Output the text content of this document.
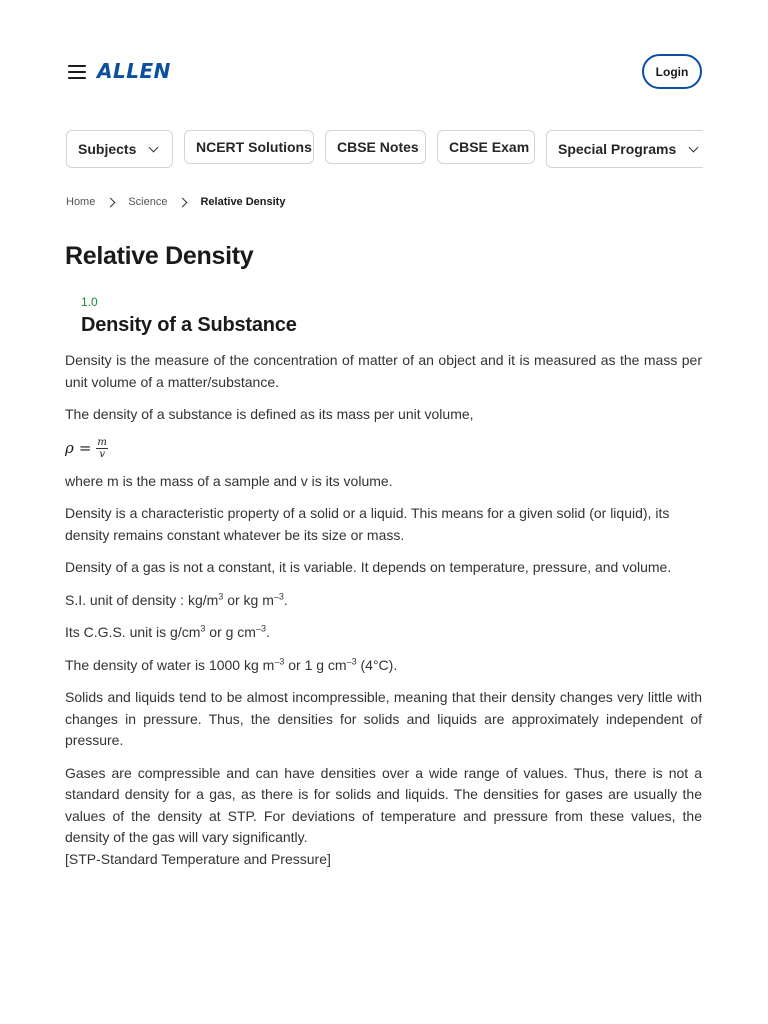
ALLEN	Login
Subjects	NCERT Solutions	CBSE Notes	CBSE Exam	Special Programs
Home	Science	Relative Density
Relative Density
1.0
Density of a Substance

Density is the measure of the concentration of matter of an object and it is measured as the mass per unit volume of a matter/substance.

The density of a substance is defined as its mass per unit volume,

$\rho = \frac{m}{v}$

where m is the mass of a sample and v is its volume.

Density is a characteristic property of a solid or a liquid. This means for a given solid (or liquid), its density remains constant whatever be its size or mass.

Density of a gas is not a constant, it is variable. It depends on temperature, pressure, and volume.

S.I. unit of density : $kg/m^3$ or kg $m^{-3}$.

Its C.G.S. unit is $g/cm^3$ or g $cm^{-3}$.

The density of water is 1000 kg $m^{-3}$ or 1 g $cm^{-3}$ (4°C).

Solids and liquids tend to be almost incompressible, meaning that their density changes very little with changes in pressure. Thus, the densities for solids and liquids are approximately independent of pressure.

Gases are compressible and can have densities over a wide range of values. Thus, there is not a standard density for a gas, as there is for solids and liquids. The densities for gases are usually the values of the density at STP. For deviations of temperature and pressure from these values, the density of the gas will vary significantly.

[STP-Standard Temperature and Pressure]
